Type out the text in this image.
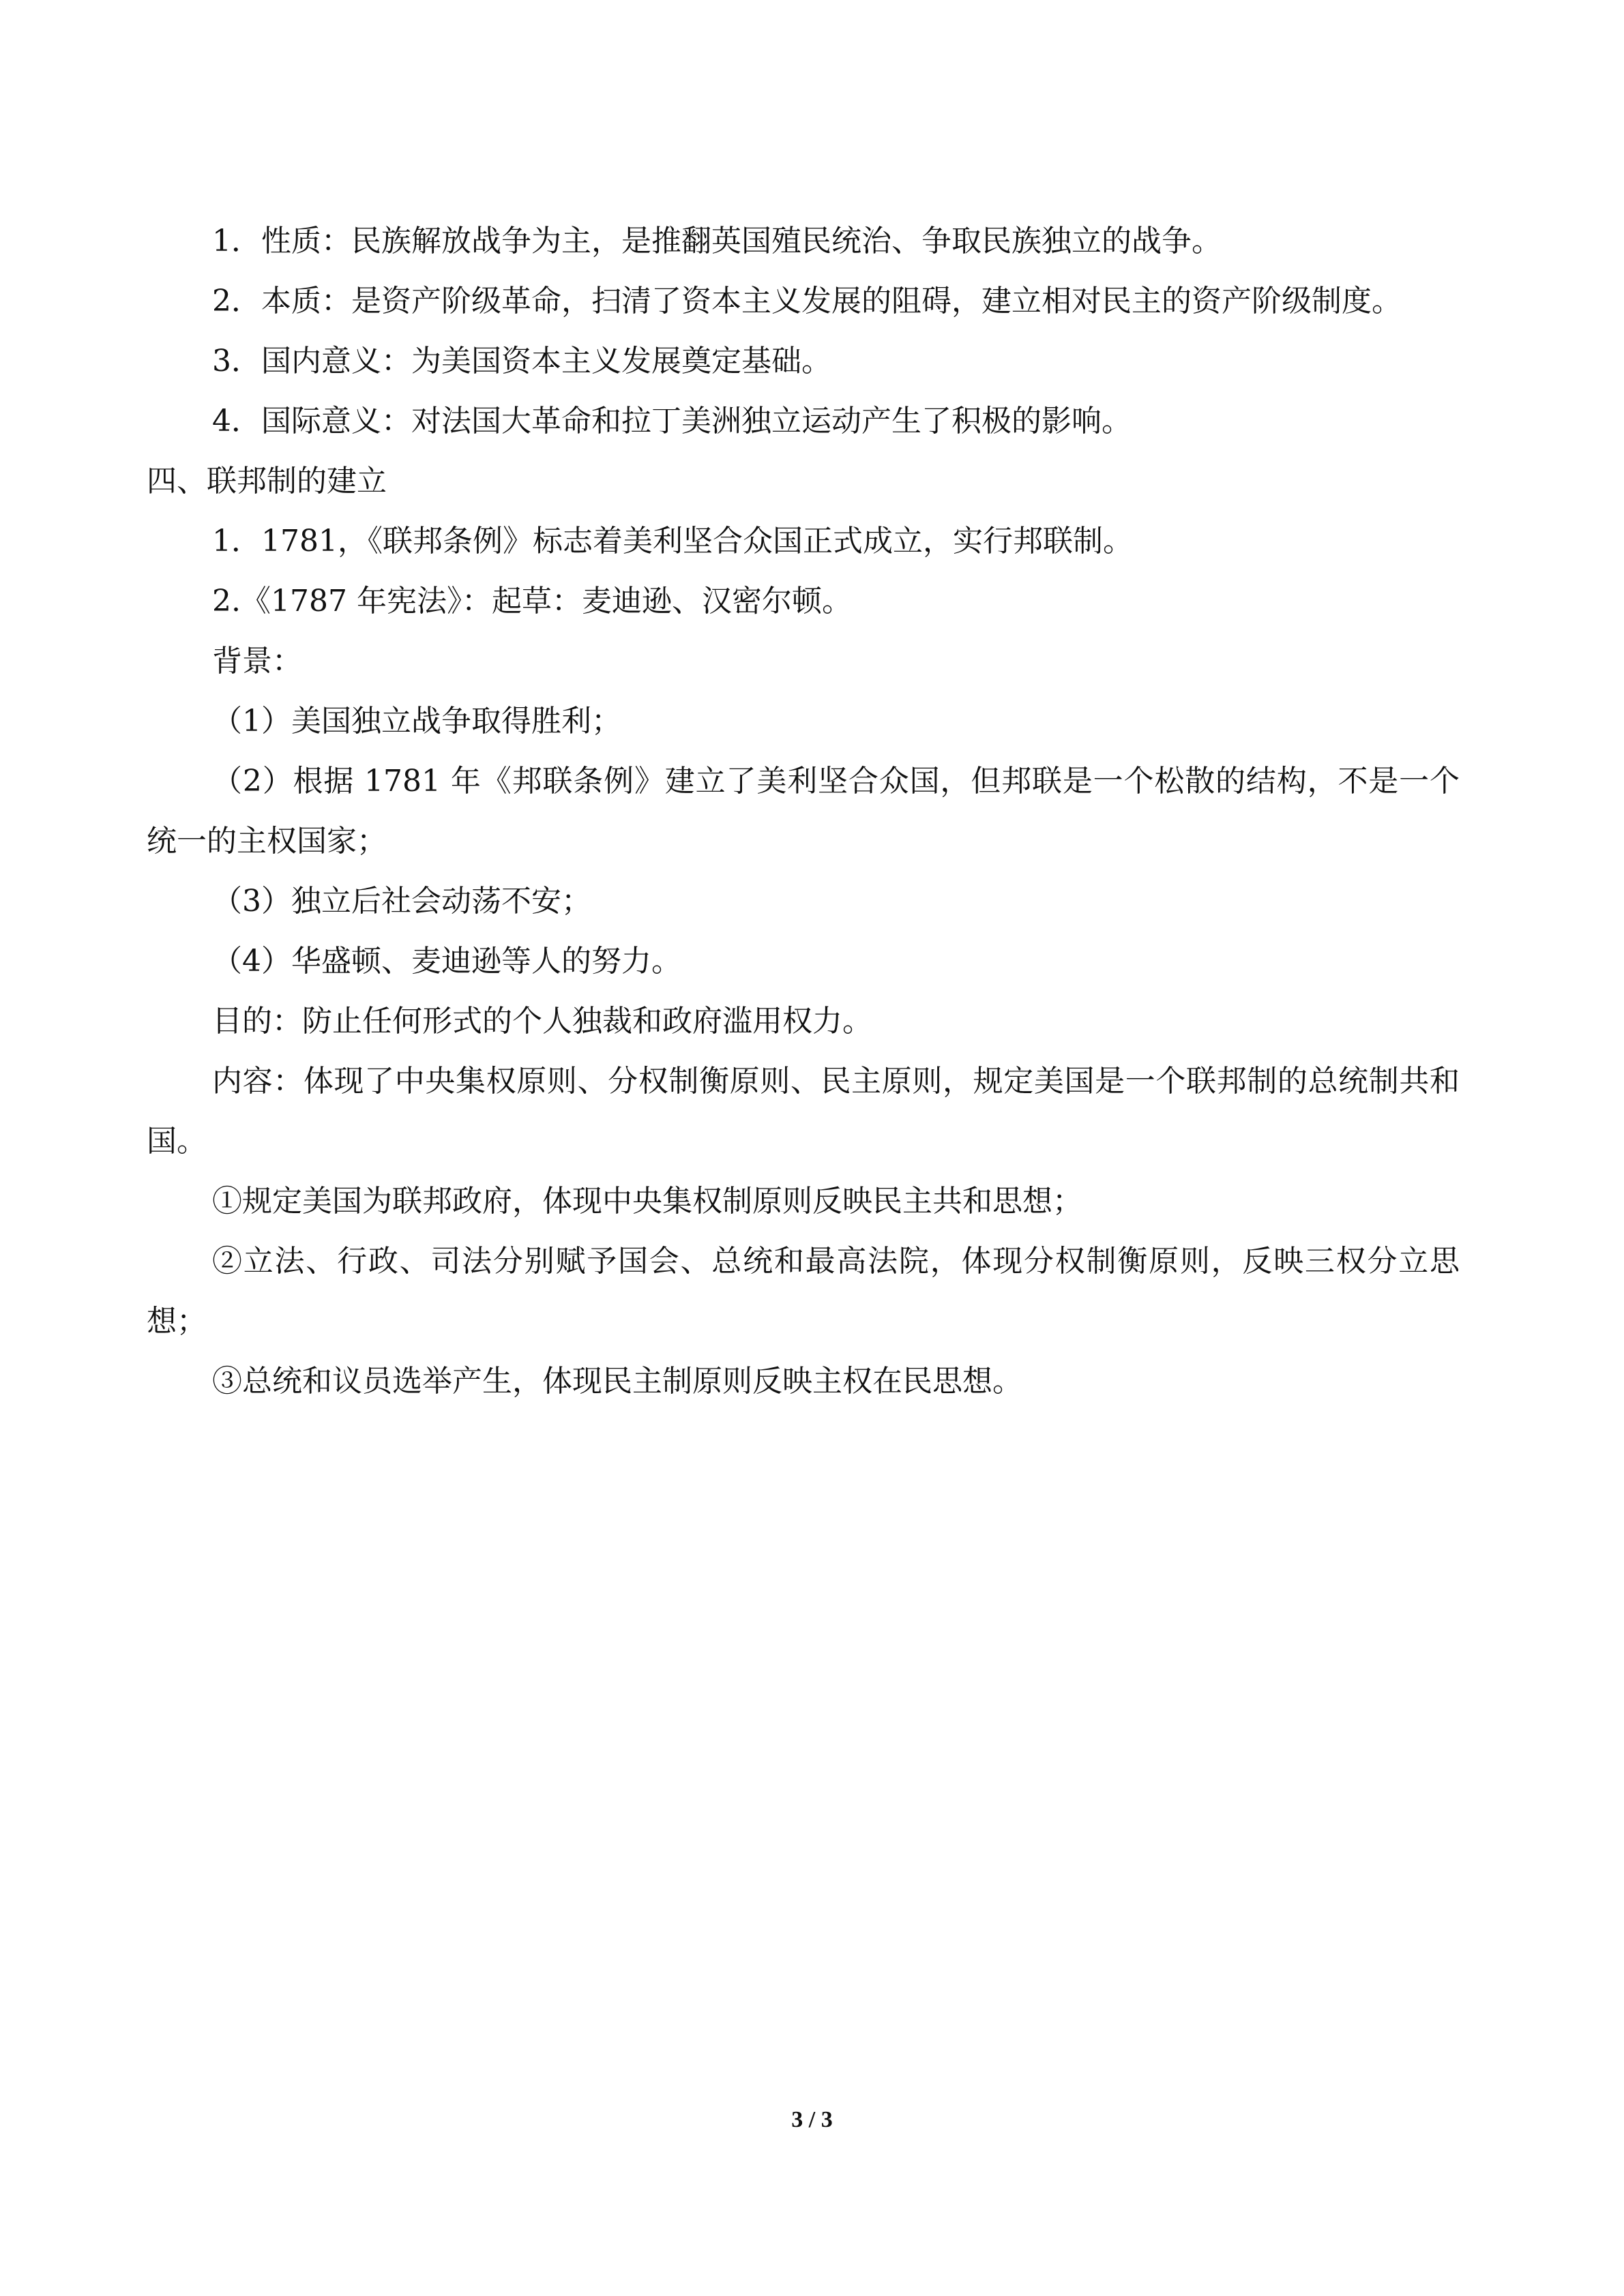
1．性质：民族解放战争为主，是推翻英国殖民统治、争取民族独立的战争。

2．本质：是资产阶级革命，扫清了资本主义发展的阻碍，建立相对民主的资产阶级制度。

3．国内意义：为美国资本主义发展奠定基础。

4．国际意义：对法国大革命和拉丁美洲独立运动产生了积极的影响。

四、联邦制的建立

1．1781，《联邦条例》标志着美利坚合众国正式成立，实行邦联制。

2.《1787 年宪法》：起草：麦迪逊、汉密尔顿。

背景：

（1）美国独立战争取得胜利；

（2）根据 1781 年《邦联条例》建立了美利坚合众国，但邦联是一个松散的结构，不是一个统一的主权国家；

（3）独立后社会动荡不安；

（4）华盛顿、麦迪逊等人的努力。

目的：防止任何形式的个人独裁和政府滥用权力。

内容：体现了中央集权原则、分权制衡原则、民主原则，规定美国是一个联邦制的总统制共和国。

①规定美国为联邦政府，体现中央集权制原则反映民主共和思想；

②立法、行政、司法分别赋予国会、总统和最高法院，体现分权制衡原则，反映三权分立思想；

③总统和议员选举产生，体现民主制原则反映主权在民思想。

3 / 3
